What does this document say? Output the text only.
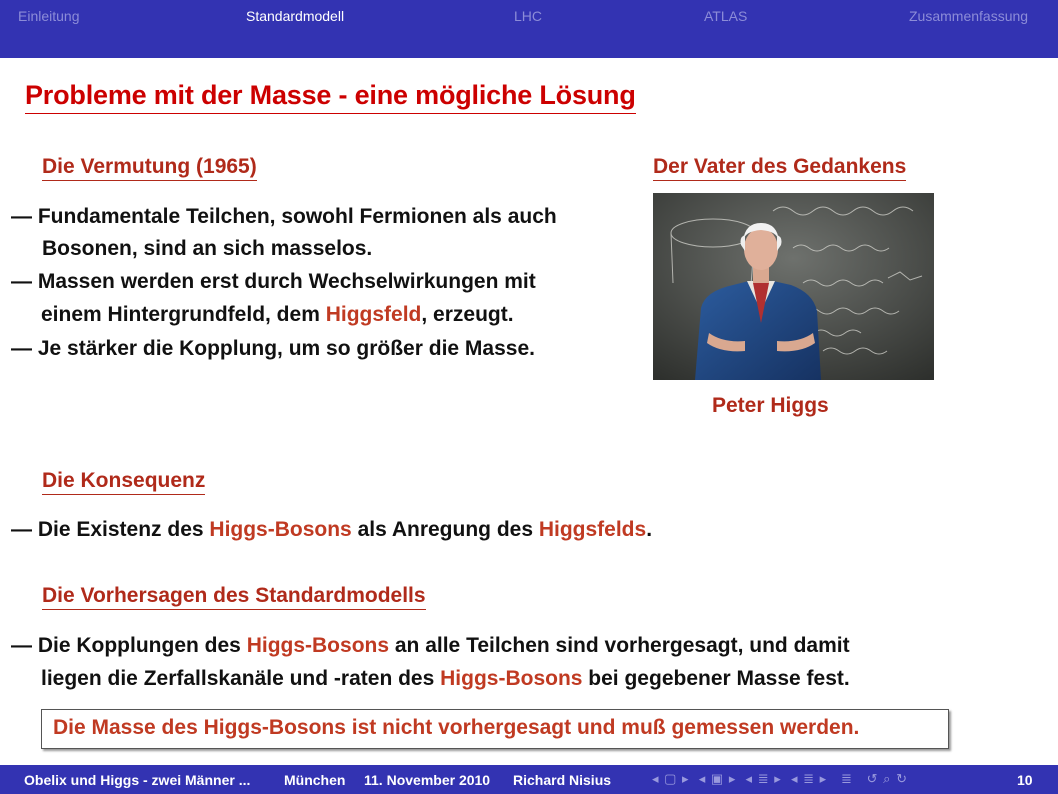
Einleitung	Standardmodell	LHC	ATLAS	Zusammenfassung
Probleme mit der Masse - eine mögliche Lösung
Die Vermutung (1965)
— Fundamentale Teilchen, sowohl Fermionen als auch
Bosonen, sind an sich masselos.
— Massen werden erst durch Wechselwirkungen mit
einem Hintergrundfeld, dem Higgsfeld, erzeugt.
— Je stärker die Kopplung, um so größer die Masse.
Der Vater des Gedankens
Peter Higgs
Die Konsequenz
— Die Existenz des Higgs-Bosons als Anregung des Higgsfelds.
Die Vorhersagen des Standardmodells
— Die Kopplungen des Higgs-Bosons an alle Teilchen sind vorhergesagt, und damit
liegen die Zerfallskanäle und -raten des Higgs-Bosons bei gegebener Masse fest.
Die Masse des Higgs-Bosons ist nicht vorhergesagt und muß gemessen werden.
Obelix und Higgs - zwei Männer ... München 11. November 2010 Richard Nisius	◂ ▢ ▸  ◂ ▣ ▸  ◂ ≣ ▸  ◂ ≣ ▸   ≣   ↺ ⌕ ↻	10
